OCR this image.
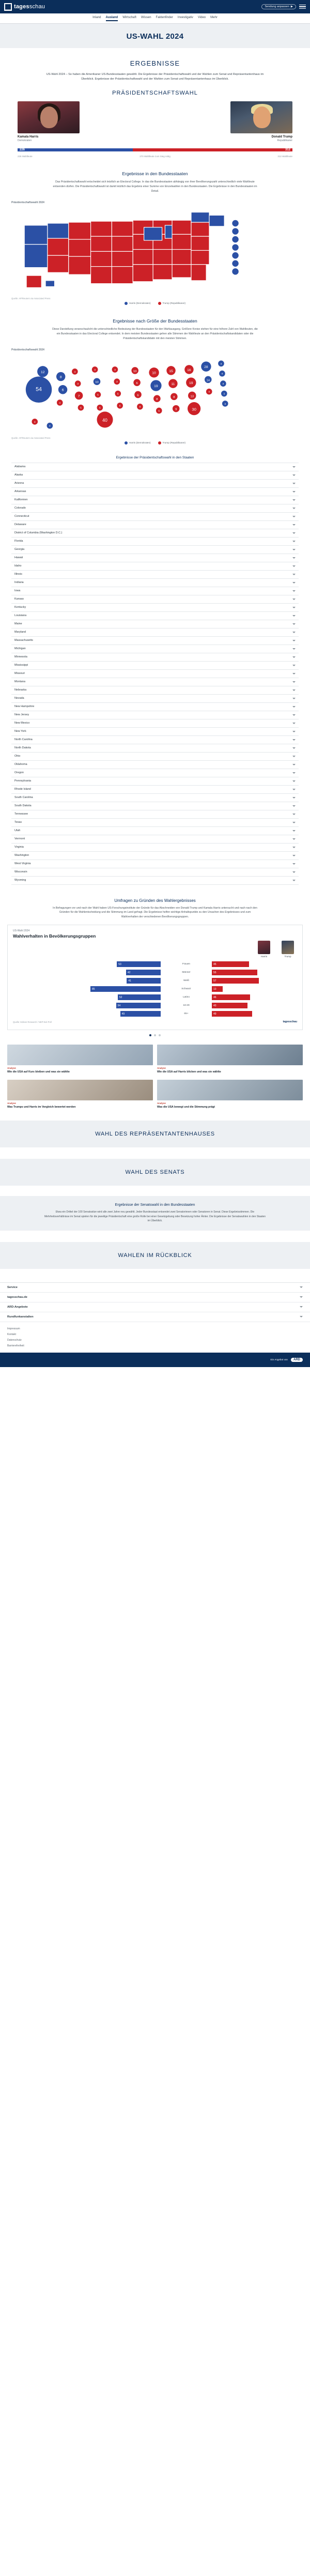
tagesschau	Sendung anpassen ▶
Inland Ausland Wirtschaft Wissen Faktenfinder Investigativ Video Mehr
US-WAHL 2024
ERGEBNISSE

US-Wahl 2024 – So haben die Amerikaner US-Bundesstaaten gewählt. Die Ergebnisse der Präsidentschaftswahl und der Wahlen zum Senat und Repräsentantenhaus im Überblick. Ergebnisse der Präsidentschaftswahl und der Wahlen zum Senat und Repräsentantenhaus im Überblick.

PRÄSIDENTSCHAFTSWAHL
Kamala Harris
Demokraten
Donald Trump
Republikaner
226	312
226 Wahlleute	270 Wahlleute zum Sieg nötig	312 Wahlleute
Ergebnisse in den Bundesstaaten

Das Präsidentschaftswahl entscheidet sich letztlich an Electoral College. In das die Bundesstaaten abhängig von ihrer Bevölkerungszahl unterschiedlich viele Wahlleute entsenden dürfen. Die Präsidentschaftswahl ist damit letztlich das Ergebnis einer Summe von Einzelwahlen in den Bundesstaaten. Die Ergebnisse in den Bundesstaaten im Detail.

Präsidentschaftswahl 2024
Quelle: AP/Reuters via Associated Press
Harris (Demokraten)	Trump (Republikaner)
Ergebnisse nach Größe der Bundesstaaten

Diese Darstellung veranschaulicht die unterschiedliche Bedeutung der Bundesstaaten für den Wahlausgang. Größere Kreise stehen für eine höhere Zahl von Wahlleuten, die ein Bundesstaaten in das Electoral College entsendet. In dem meisten Bundesstaaten gehen alle Stimmen der Wahlleute an den Präsidentschaftskandidaten oder die Präsidentschaftskandidatin mit den meisten Stimmen.

Präsidentschaftswahl 2024
54
12
8
6
4
4
3
7
5
3
10
5
5
40
3
3
5
6
10
6
6
8
10
19
8
6
15
11
8
9
16
19
13
30
28
14
4
4
4
3
3
3
3
4
Quelle: AP/Reuters via Associated Press
Harris (Demokraten)	Trump (Republikaner)
Ergebnisse der Präsidentschaftswahl in den Staaten
Alabama
Alaska
Arizona
Arkansas
Kalifornien
Colorado
Connecticut
Delaware
District of Columbia (Washington D.C.)
Florida
Georgia
Hawaii
Idaho
Illinois
Indiana
Iowa
Kansas
Kentucky
Louisiana
Maine
Maryland
Massachusetts
Michigan
Minnesota
Mississippi
Missouri
Montana
Nebraska
Nevada
New Hampshire
New Jersey
New Mexico
New York
North Carolina
North Dakota
Ohio
Oklahoma
Oregon
Pennsylvania
Rhode Island
South Carolina
South Dakota
Tennessee
Texas
Utah
Vermont
Virginia
Washington
West Virginia
Wisconsin
Wyoming
Umfragen zu Gründen des Wahlergebnisses

In Befragungen vor und nach der Wahl haben US-Forschungsinstitute der Gründe für das Abschneiden von Donald Trump und Kamala Harris untersucht und nach nach den Gründen für die Wahlentscheidung und die Stimmung im Land gefragt. Die Ergebnisse helfen wichtige Anhaltspunkte zu den Ursachen des Ergebnisses und zum Wahlverhalten der verschiedenen Bevölkerungsgruppen.

US-Wahl 2024
Wahlverhalten in Bevölkerungsgruppen
Harris	Trump
53	Frauen	45
42	Männer	55
41	Weiß	57
85	Schwarz	13
52	Latino	46
54	18-29	43
49	65+	49
Quelle: Edison Research / NEP Exit Poll	tagesschau
Analyse
Wie die USA auf Kurs bleiben und was sie wählte
Analyse
Was Trumps und Harris im Vergleich bewertet werden
Analyse
Wie die USA auf Harris blicken und was sie wählte
Analyse
Was die USA bewegt und die Stimmung prägt
WAHL DES REPRÄSENTANTENHAUSES
WAHL DES SENATS
Ergebnisse der Senatswahl in den Bundesstaaten

Etwa ein Drittel der 100 Senatssitze wird alle zwei Jahre neu gewählt. Jeder Bundesstaat entsendet zwei Senatorinnen oder Senatoren in Senat. Diese Ergebnisstimmen. Die Mehrheitsverhältnisse im Senat spielen für die jeweilige Präsidentschaft eine große Rolle bei einer Gesetzgebung oder Besetzung hoher Ämter. Die Ergebnisse der Senatswahlen in den Staaten im Überblick.

WAHLEN IM RÜCKBLICK
Service
tagesschau.de
ARD-Angebote
Rundfunkanstalten
Impressum
Kontakt
Datenschutz
Barrierefreiheit
Ein Angebot von	ARD
